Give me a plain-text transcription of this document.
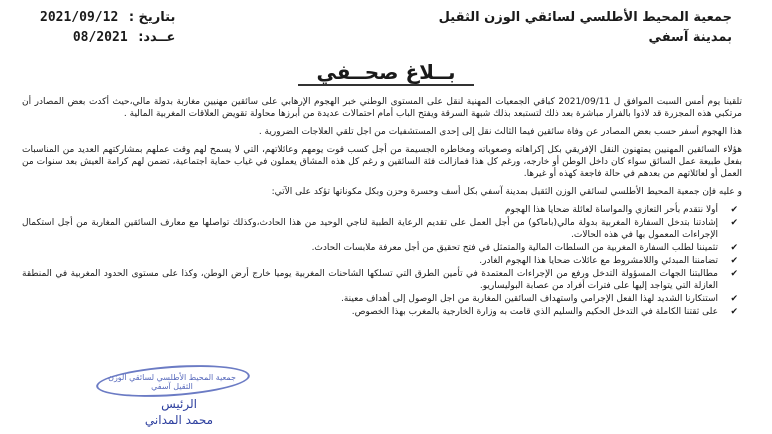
جمعية المحيط الأطلسي لسائقي الوزن الثقيل
بمدينة آسفي
بتاريخ : 2021/09/12
عــدد: 08/2021
بــلاغ صحــفي

تلقينا يوم أمس السبت الموافق ل 2021/09/11 كباقي الجمعيات المهنية لنقل على المستوى الوطني خبر الهجوم الإرهابي على سائقين مهنيين مغاربة بدولة مالي،حيث أكدت بعض المصادر أن مرتكبي هذه المجزرة قد لاذوا بالفرار مباشرة بعد ذلك لتستبعد بذلك شبهة السرقة ويفتح الباب أمام احتمالات عديدة من أبرزها محاولة تقويض العلاقات المغربية المالية .

هذا الهجوم أسفر حسب بعض المصادر عن وفاة سائقين فيما الثالث نقل إلى إحدى المستشفيات من اجل تلقي العلاجات الضرورية .

هؤلاء السائقين المهنيين يمتهنون النقل الإفريقي بكل إكراهاته وصعوباته ومخاطره الجسيمة من أجل كسب قوت يومهم وعائلاتهم، التي لا يسمح لهم وقت عملهم بمشاركتهم العديد من المناسبات بفعل طبيعة عمل السائق سواء كان داخل الوطن أو خارجه، ورغم كل هذا فمازالت فئة السائقين و رغم كل هذه المشاق يعملون في غياب حماية اجتماعية، تضمن لهم كرامة العيش بعد سنوات من العمل أو لعائلاتهم من بعدهم في حالة فاجعة كهذه أو غيرها.

و عليه فإن جمعية المحيط الأطلسي لسائقي الوزن الثقيل بمدينة آسفي بكل أسف وحسرة وحزن وبكل مكوناتها تؤكد على الآتي:

✔ أولا نتقدم بأحر التعازي والمواساة لعائلة ضحايا هذا الهجوم
✔ إشادتنا بتدخل السفارة المغربية بدولة مالي(باماكو) من أجل العمل على تقديم الرعاية الطبية لناجي الوحيد من هذا الحادث،وكذلك تواصلها مع معارف السائقين المغاربة من أجل استكمال الإجراءات المعمول بها في هذه الحالات.
✔ تثميننا لطلب السفارة المغربية من السلطات المالية والمتمثل في فتح تحقيق من أجل معرفة ملابسات الحادث.
✔ تضامننا المبدئي واللامشروط مع عائلات ضحايا هذا الهجوم الغادر.
✔ مطالبتنا الجهات المسؤولة التدخل ورفع من الإجراءات المعتمدة في تأمين الطرق التي تسلكها الشاحنات المغربية يوميا خارج أرض الوطن، وكذا على مستوى الحدود المغربية في المنطقة العازلة التي يتواجد إليها على فترات أفراد من عصابة البوليساريو.
✔ استنكارنا الشديد لهذا الفعل الإجرامي واستهداف السائقين المغاربة من اجل الوصول إلى أهداف معينة.
✔ على ثقتنا الكاملة في التدخل الحكيم والسليم الذي قامت به وزارة الخارجية بالمغرب بهذا الخصوص.
جمعية المحيط الأطلسي لسائقي الوزن الثقيل آسفي
الرئيس
محمد المداني
